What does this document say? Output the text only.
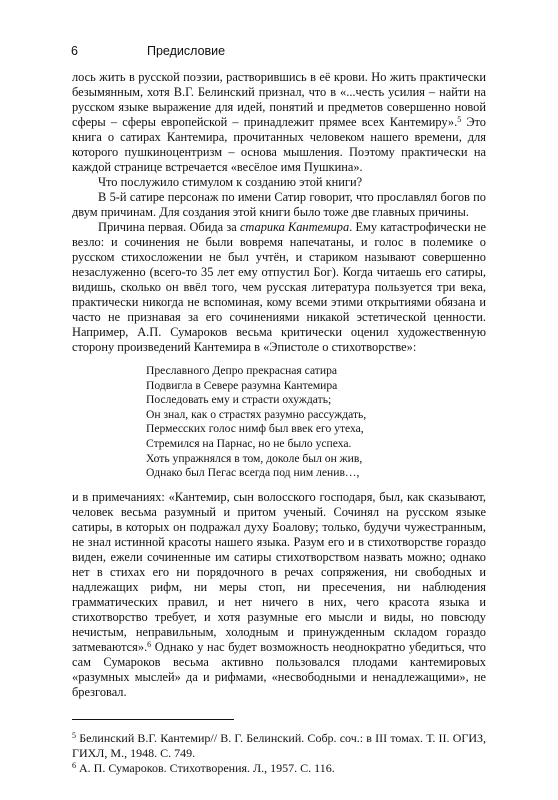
6	Предисловие

лось жить в русской поэзии, растворившись в её крови. Но жить практически безымянным, хотя В.Г. Белинский признал, что в «...честь усилия – найти на русском языке выражение для идей, понятий и предметов совершенно новой сферы – сферы европейской – принадлежит прямее всех Кантемиру».$^5$ Это книга о сатирах Кантемира, прочитанных человеком нашего времени, для которого пушкиноцентризм – основа мышления. Поэтому практически на каждой странице встречается «весёлое имя Пушкина».

Что послужило стимулом к созданию этой книги?

В 5-й сатире персонаж по имени Сатир говорит, что прославлял богов по двум причинам. Для создания этой книги было тоже две главных причины.

Причина первая. Обида за старика Кантемира. Ему катастрофически не везло: и сочинения не были вовремя напечатаны, и голос в полемике о русском стихосложении не был учтён, и стариком называют совершенно незаслуженно (всего-то 35 лет ему отпустил Бог). Когда читаешь его сатиры, видишь, сколько он ввёл того, чем русская литература пользуется три века, практически никогда не вспоминая, кому всеми этими открытиями обязана и часто не признавая за его сочинениями никакой эстетической ценности. Например, А.П. Сумароков весьма критически оценил художественную сторону произведений Кантемира в «Эпистоле о стихотворстве»:

Преславного Депро прекрасная сатира
Подвигла в Севере разумна Кантемира
Последовать ему и страсти охуждать;
Он знал, как о страстях разумно рассуждать,
Пермесских голос нимф был ввек его утеха,
Стремился на Парнас, но не было успеха.
Хоть упражнялся в том, доколе был он жив,
Однако был Пегас всегда под ним ленив…,

и в примечаниях: «Кантемир, сын волосского господаря, был, как сказывают, человек весьма разумный и притом ученый. Сочинял на русском языке сатиры, в которых он подражал духу Боалову; только, будучи чужестранным, не знал истинной красоты нашего языка. Разум его и в стихотворстве гораздо виден, ежели сочиненные им сатиры стихотворством назвать можно; однако нет в стихах его ни порядочного в речах сопряжения, ни свободных и надлежащих рифм, ни меры стоп, ни пресечения, ни наблюдения грамматических правил, и нет ничего в них, чего красота языка и стихотворство требует, и хотя разумные его мысли и виды, но повсюду нечистым, неправильным, холодным и принужденным складом гораздо затмеваются».$^6$ Однако у нас будет возможность неоднократно убедиться, что сам Сумароков весьма активно пользовался плодами кантемировых «разумных мыслей» да и рифмами, «несвободными и ненадлежащими», не брезговал.

$^5$ Белинский В.Г. Кантемир// В. Г. Белинский. Собр. соч.: в III томах. Т. II. ОГИЗ, ГИХЛ, М., 1948. С. 749.

$^6$ А. П. Сумароков. Стихотворения. Л., 1957. С. 116.
